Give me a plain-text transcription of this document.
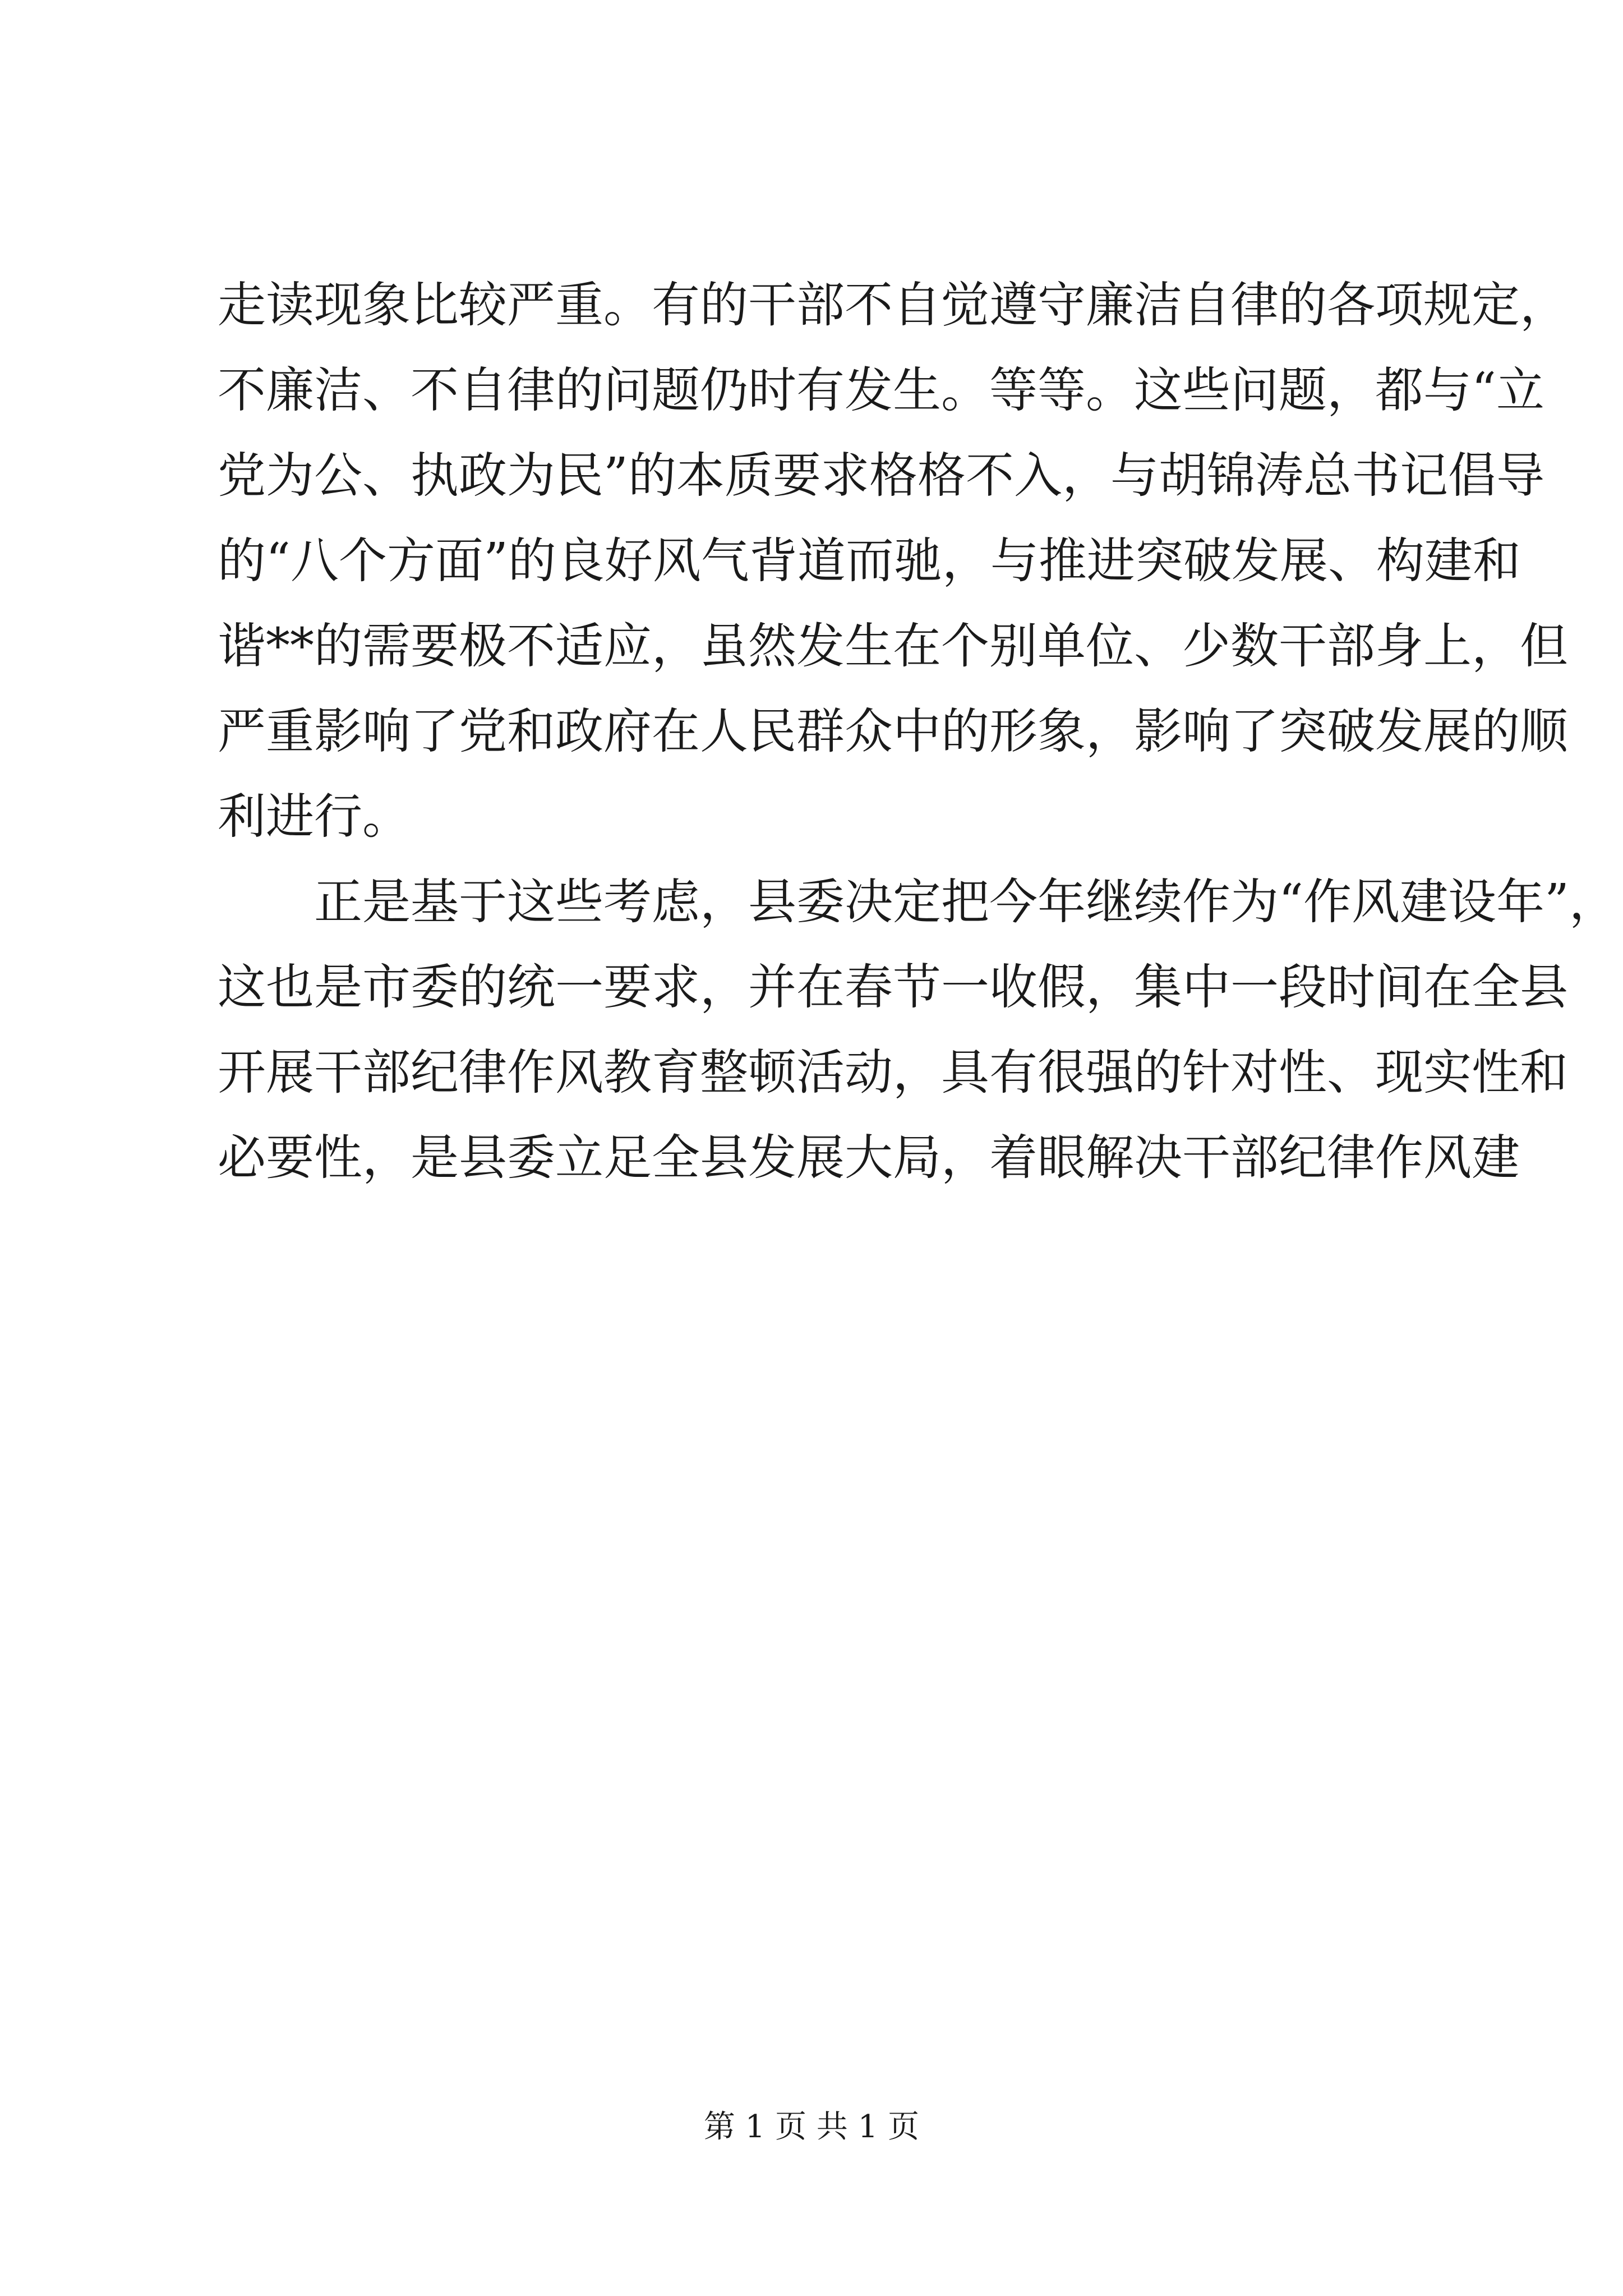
走读现象比较严重。有的干部不自觉遵守廉洁自律的各项规定，
不廉洁、不自律的问题仍时有发生。等等。这些问题，都与“立
党为公、执政为民”的本质要求格格不入，与胡锦涛总书记倡导
的“八个方面”的良好风气背道而驰，与推进突破发展、构建和
谐**的需要极不适应，虽然发生在个别单位、少数干部身上，但
严重影响了党和政府在人民群众中的形象，影响了突破发展的顺
利进行。
正是基于这些考虑，县委决定把今年继续作为“作风建设年”，
这也是市委的统一要求，并在春节一收假，集中一段时间在全县
开展干部纪律作风教育整顿活动，具有很强的针对性、现实性和
必要性，是县委立足全县发展大局，着眼解决干部纪律作风建
第 1 页 共 1 页
